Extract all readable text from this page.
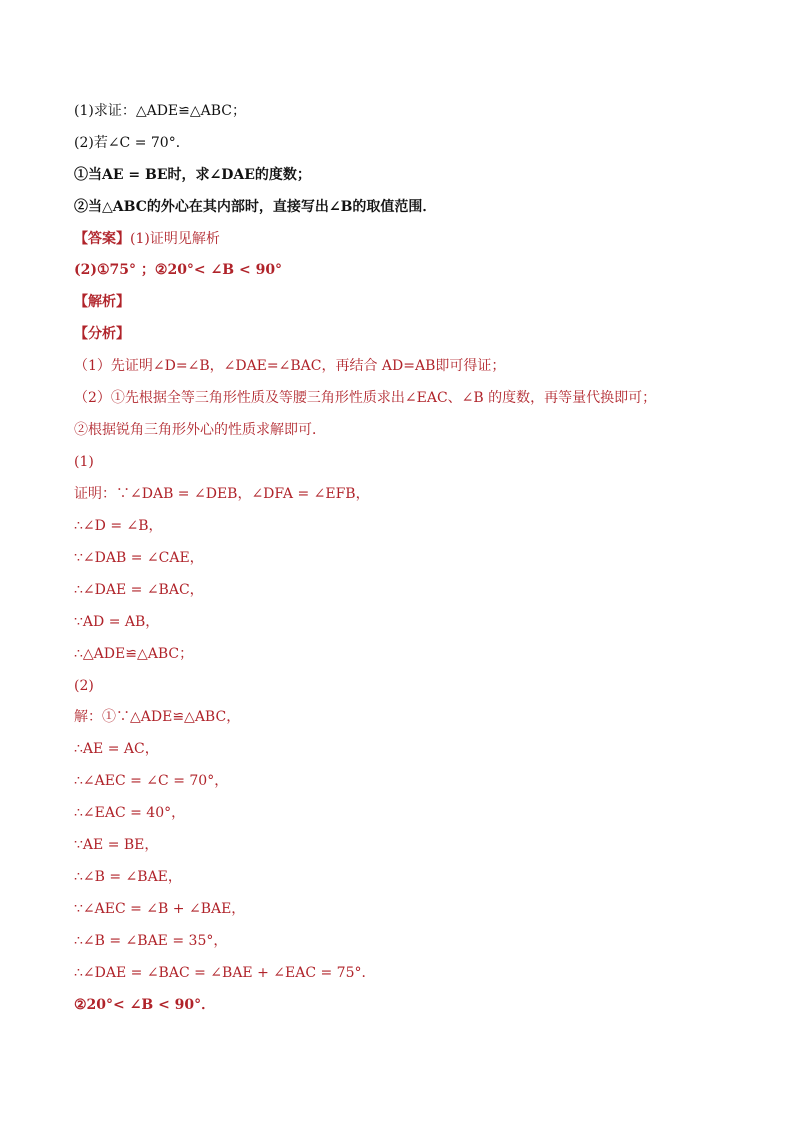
(1)求证：△ADE≌△ABC；
(2)若∠C = 70°．
①当AE = BE时，求∠DAE的度数；
②当△ABC的外心在其内部时，直接写出∠B的取值范围．
【答案】(1)证明见解析
(2)①75° ；②20°< ∠B < 90°
【解析】
【分析】
（1）先证明∠D=∠B，∠DAE=∠BAC，再结合 AD=AB即可得证；
（2）①先根据全等三角形性质及等腰三角形性质求出∠EAC、∠B 的度数，再等量代换即可；
②根据锐角三角形外心的性质求解即可．
(1)
证明：∵∠DAB = ∠DEB，∠DFA = ∠EFB，
∴∠D = ∠B，
∵∠DAB = ∠CAE，
∴∠DAE = ∠BAC，
∵AD = AB，
∴△ADE≌△ABC；
(2)
解：①∵△ADE≌△ABC，
∴AE = AC，
∴∠AEC = ∠C = 70°，
∴∠EAC = 40°，
∵AE = BE，
∴∠B = ∠BAE，
∵∠AEC = ∠B + ∠BAE，
∴∠B = ∠BAE = 35°，
∴∠DAE = ∠BAC = ∠BAE + ∠EAC = 75°．
②20°< ∠B < 90°．
